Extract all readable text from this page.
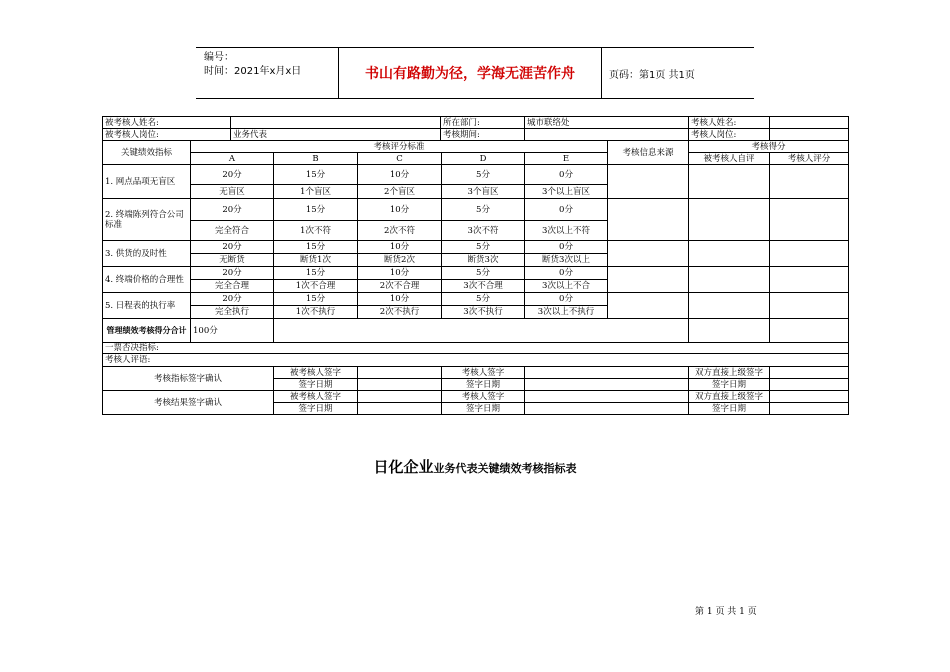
编号：
时间：2021年x月x日	书山有路勤为径，学海无涯苦作舟	页码：第1页 共1页
被考核人姓名:					所在部门:	城市联络处		考核人姓名:	
被考核人岗位:		业务代表			考核期间:			考核人岗位:	
关键绩效指标	考核评分标准						考核信息来源	考核得分	
	A		B	C	D	E		被考核人自评	考核人评分
1. 网点品项无盲区	20分		15分	10分	5分	0分			
	无盲区		1个盲区	2个盲区	3个盲区	3个以上盲区			
2. 终端陈列符合公司标准	20分		15分	10分	5分	0分			
	完全符合		1次不符	2次不符	3次不符	3次以上不符			
3. 供货的及时性	20分		15分	10分	5分	0分			
	无断货		断货1次	断货2次	断货3次	断货3次以上			
4. 终端价格的合理性	20分		15分	10分	5分	0分			
	完全合理		1次不合理	2次不合理	3次不合理	3次以上不合			
5. 日程表的执行率	20分		15分	10分	5分	0分			
	完全执行		1次不执行	2次不执行	3次不执行	3次以上不执行			
管理绩效考核得分合计	100分								
一票否决指标:									
考核人评语:									
考核指标签字确认			被考核人签字		考核人签字			双方直接上级签字	
			签字日期		签字日期			签字日期	
考核结果签字确认			被考核人签字		考核人签字			双方直接上级签字	
			签字日期		签字日期			签字日期	
日化企业业务代表关键绩效考核指标表
第 1 页 共 1 页
